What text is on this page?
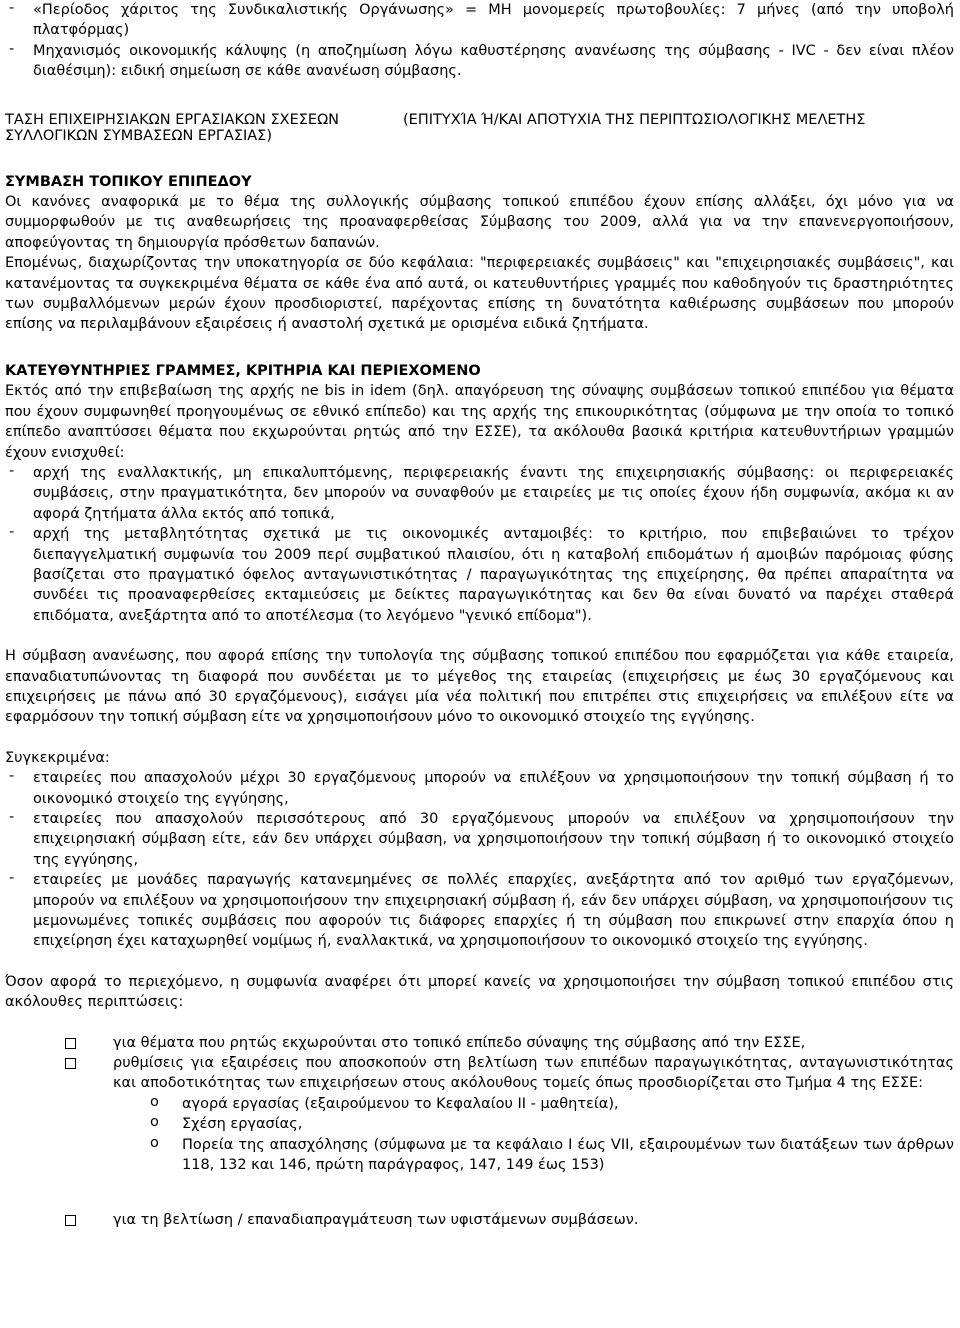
-	«Περίοδος χάριτος της Συνδικαλιστικής Οργάνωσης» = ΜΗ μονομερείς πρωτοβουλίες: 7 μήνες (από την υποβολή πλατφόρμας)
-	Μηχανισμός οικονομικής κάλυψης (η αποζημίωση λόγω καθυστέρησης ανανέωσης της σύμβασης - IVC - δεν είναι πλέον διαθέσιμη): ειδική σημείωση σε κάθε ανανέωση σύμβασης.
ΤΑΣΗ ΕΠΙΧΕΙΡΗΣΙΑΚΩΝ ΕΡΓΑΣΙΑΚΩΝ ΣΧΕΣΕΩΝ ΣΥΛΛΟΓΙΚΩΝ ΣΥΜΒΑΣΕΩΝ ΕΡΓΑΣΙΑΣ)
(ΕΠΙΤΥΧΊΑ Ή/ΚΑΙ ΑΠΟΤΥΧΙΑ ΤΗΣ ΠΕΡΙΠΤΩΣΙΟΛΟΓΙΚΗΣ ΜΕΛΕΤΗΣ

ΣΥΜΒΑΣΗ ΤΟΠΙΚΟΥ ΕΠΙΠΕΔΟΥ

Οι κανόνες αναφορικά με το θέμα της συλλογικής σύμβασης τοπικού επιπέδου έχουν επίσης αλλάξει, όχι μόνο για να συμμορφωθούν με τις αναθεωρήσεις της προαναφερθείσας Σύμβασης του 2009, αλλά για να την επανενεργοποιήσουν, αποφεύγοντας τη δημιουργία πρόσθετων δαπανών.

Επομένως, διαχωρίζοντας την υποκατηγορία σε δύο κεφάλαια: "περιφερειακές συμβάσεις" και "επιχειρησιακές συμβάσεις", και κατανέμοντας τα συγκεκριμένα θέματα σε κάθε ένα από αυτά, οι κατευθυντήριες γραμμές που καθοδηγούν τις δραστηριότητες των συμβαλλόμενων μερών έχουν προσδιοριστεί, παρέχοντας επίσης τη δυνατότητα καθιέρωσης συμβάσεων που μπορούν επίσης να περιλαμβάνουν εξαιρέσεις ή αναστολή σχετικά με ορισμένα ειδικά ζητήματα.

ΚΑΤΕΥΘΥΝΤΗΡΙΕΣ ΓΡΑΜΜΕΣ, ΚΡΙΤΗΡΙΑ ΚΑΙ ΠΕΡΙΕΧΟΜΕΝΟ

Εκτός από την επιβεβαίωση της αρχής ne bis in idem (δηλ. απαγόρευση της σύναψης συμβάσεων τοπικού επιπέδου για θέματα που έχουν συμφωνηθεί προηγουμένως σε εθνικό επίπεδο) και της αρχής της επικουρικότητας (σύμφωνα με την οποία το τοπικό επίπεδο αναπτύσσει θέματα που εκχωρούνται ρητώς από την ΕΣΣΕ), τα ακόλουθα βασικά κριτήρια κατευθυντήριων γραμμών έχουν ενισχυθεί:

-	αρχή της εναλλακτικής, μη επικαλυπτόμενης, περιφερειακής έναντι της επιχειρησιακής σύμβασης: οι περιφερειακές συμβάσεις, στην πραγματικότητα, δεν μπορούν να συναφθούν με εταιρείες με τις οποίες έχουν ήδη συμφωνία, ακόμα κι αν αφορά ζητήματα άλλα εκτός από τοπικά,
-	αρχή της μεταβλητότητας σχετικά με τις οικονομικές ανταμοιβές: το κριτήριο, που επιβεβαιώνει το τρέχον διεπαγγελματική συμφωνία του 2009 περί συμβατικού πλαισίου, ότι η καταβολή επιδομάτων ή αμοιβών παρόμοιας φύσης βασίζεται στο πραγματικό όφελος ανταγωνιστικότητας / παραγωγικότητας της επιχείρησης, θα πρέπει απαραίτητα να συνδέει τις προαναφερθείσες εκταμιεύσεις με δείκτες παραγωγικότητας και δεν θα είναι δυνατό να παρέχει σταθερά επιδόματα, ανεξάρτητα από το αποτέλεσμα (το λεγόμενο "γενικό επίδομα").

Η σύμβαση ανανέωσης, που αφορά επίσης την τυπολογία της σύμβασης τοπικού επιπέδου που εφαρμόζεται για κάθε εταιρεία, επαναδιατυπώνοντας τη διαφορά που συνδέεται με το μέγεθος της εταιρείας (επιχειρήσεις με έως 30 εργαζόμενους και επιχειρήσεις με πάνω από 30 εργαζόμενους), εισάγει μία νέα πολιτική που επιτρέπει στις επιχειρήσεις να επιλέξουν είτε να εφαρμόσουν την τοπική σύμβαση είτε να χρησιμοποιήσουν μόνο το οικονομικό στοιχείο της εγγύησης.

Συγκεκριμένα:

-	εταιρείες που απασχολούν μέχρι 30 εργαζόμενους μπορούν να επιλέξουν να χρησιμοποιήσουν την τοπική σύμβαση ή το οικονομικό στοιχείο της εγγύησης,
-	εταιρείες που απασχολούν περισσότερους από 30 εργαζόμενους μπορούν να επιλέξουν να χρησιμοποιήσουν την επιχειρησιακή σύμβαση είτε, εάν δεν υπάρχει σύμβαση, να χρησιμοποιήσουν την τοπική σύμβαση ή το οικονομικό στοιχείο της εγγύησης,
-	εταιρείες με μονάδες παραγωγής κατανεμημένες σε πολλές επαρχίες, ανεξάρτητα από τον αριθμό των εργαζόμενων, μπορούν να επιλέξουν να χρησιμοποιήσουν την επιχειρησιακή σύμβαση ή, εάν δεν υπάρχει σύμβαση, να χρησιμοποιήσουν τις μεμονωμένες τοπικές συμβάσεις που αφορούν τις διάφορες επαρχίες ή τη σύμβαση που επικρωνεί στην επαρχία όπου η επιχείρηση έχει καταχωρηθεί νομίμως ή, εναλλακτικά, να χρησιμοποιήσουν το οικονομικό στοιχείο της εγγύησης.

Όσον αφορά το περιεχόμενο, η συμφωνία αναφέρει ότι μπορεί κανείς να χρησιμοποιήσει την σύμβαση τοπικού επιπέδου στις ακόλουθες περιπτώσεις:

για θέματα που ρητώς εκχωρούνται στο τοπικό επίπεδο σύναψης της σύμβασης από την ΕΣΣΕ,
ρυθμίσεις για εξαιρέσεις που αποσκοπούν στη βελτίωση των επιπέδων παραγωγικότητας, ανταγωνιστικότητας και αποδοτικότητας των επιχειρήσεων στους ακόλουθους τομείς όπως προσδιορίζεται στο Τμήμα 4 της ΕΣΣΕ:
o	αγορά εργασίας (εξαιρούμενου το Κεφαλαίου ΙΙ - μαθητεία),
o	Σχέση εργασίας,
o	Πορεία της απασχόλησης (σύμφωνα με τα κεφάλαιο Ι έως VII, εξαιρουμένων των διατάξεων των άρθρων 118, 132 και 146, πρώτη παράγραφος, 147, 149 έως 153)
για τη βελτίωση / επαναδιαπραγμάτευση των υφιστάμενων συμβάσεων.
